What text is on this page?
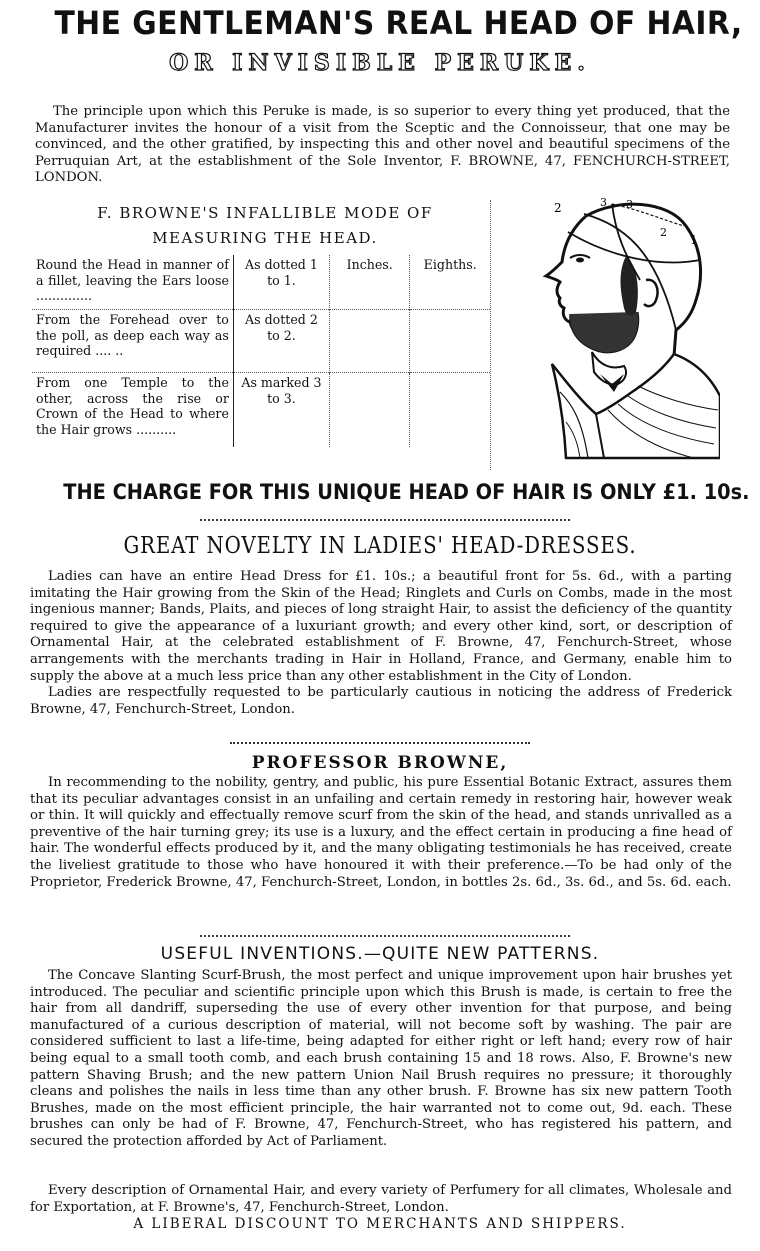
THE GENTLEMAN'S REAL HEAD OF HAIR,
OR INVISIBLE PERUKE.

The principle upon which this Peruke is made, is so superior to every thing yet produced, that the Manufacturer invites the honour of a visit from the Sceptic and the Connoisseur, that one may be convinced, and the other gratified, by inspecting this and other novel and beautiful specimens of the Perruquian Art, at the establishment of the Sole Inventor, F. BROWNE, 47, FENCHURCH-STREET, LONDON.

F. BROWNE'S INFALLIBLE MODE OF
MEASURING THE HEAD.
Round the Head in manner of a fillet, leaving the Ears loose ..............	As dotted 1 to 1.	Inches.	Eighths.
From the Forehead over to the poll, as deep each way as required .... ..	As dotted 2 to 2.		
From one Temple to the other, across the rise or Crown of the Head to where the Hair grows ..........	As marked 3 to 3.		
2	3 3
1
2
THE CHARGE FOR THIS UNIQUE HEAD OF HAIR IS ONLY £1. 10s.
GREAT NOVELTY IN LADIES' HEAD-DRESSES.

Ladies can have an entire Head Dress for £1. 10s.; a beautiful front for 5s. 6d., with a parting imitating the Hair growing from the Skin of the Head; Ringlets and Curls on Combs, made in the most ingenious manner; Bands, Plaits, and pieces of long straight Hair, to assist the deficiency of the quantity required to give the appearance of a luxuriant growth; and every other kind, sort, or description of Ornamental Hair, at the celebrated establishment of F. Browne, 47, Fenchurch-Street, whose arrangements with the merchants trading in Hair in Holland, France, and Germany, enable him to supply the above at a much less price than any other establishment in the City of London.

Ladies are respectfully requested to be particularly cautious in noticing the address of Frederick Browne, 47, Fenchurch-Street, London.

PROFESSOR BROWNE,

In recommending to the nobility, gentry, and public, his pure Essential Botanic Extract, assures them that its peculiar advantages consist in an unfailing and certain remedy in restoring hair, however weak or thin. It will quickly and effectually remove scurf from the skin of the head, and stands unrivalled as a preventive of the hair turning grey; its use is a luxury, and the effect certain in producing a fine head of hair. The wonderful effects produced by it, and the many obligating testimonials he has received, create the liveliest gratitude to those who have honoured it with their preference.—To be had only of the Proprietor, Frederick Browne, 47, Fenchurch-Street, London, in bottles 2s. 6d., 3s. 6d., and 5s. 6d. each.

USEFUL INVENTIONS.—QUITE NEW PATTERNS.

The Concave Slanting Scurf-Brush, the most perfect and unique improvement upon hair brushes yet introduced. The peculiar and scientific principle upon which this Brush is made, is certain to free the hair from all dandriff, superseding the use of every other invention for that purpose, and being manufactured of a curious description of material, will not become soft by washing. The pair are considered sufficient to last a life-time, being adapted for either right or left hand; every row of hair being equal to a small tooth comb, and each brush containing 15 and 18 rows. Also, F. Browne's new pattern Shaving Brush; and the new pattern Union Nail Brush requires no pressure; it thoroughly cleans and polishes the nails in less time than any other brush. F. Browne has six new pattern Tooth Brushes, made on the most efficient principle, the hair warranted not to come out, 9d. each. These brushes can only be had of F. Browne, 47, Fenchurch-Street, who has registered his pattern, and secured the protection afforded by Act of Parliament.

Every description of Ornamental Hair, and every variety of Perfumery for all climates, Wholesale and for Exportation, at F. Browne's, 47, Fenchurch-Street, London.

A LIBERAL DISCOUNT TO MERCHANTS AND SHIPPERS.
